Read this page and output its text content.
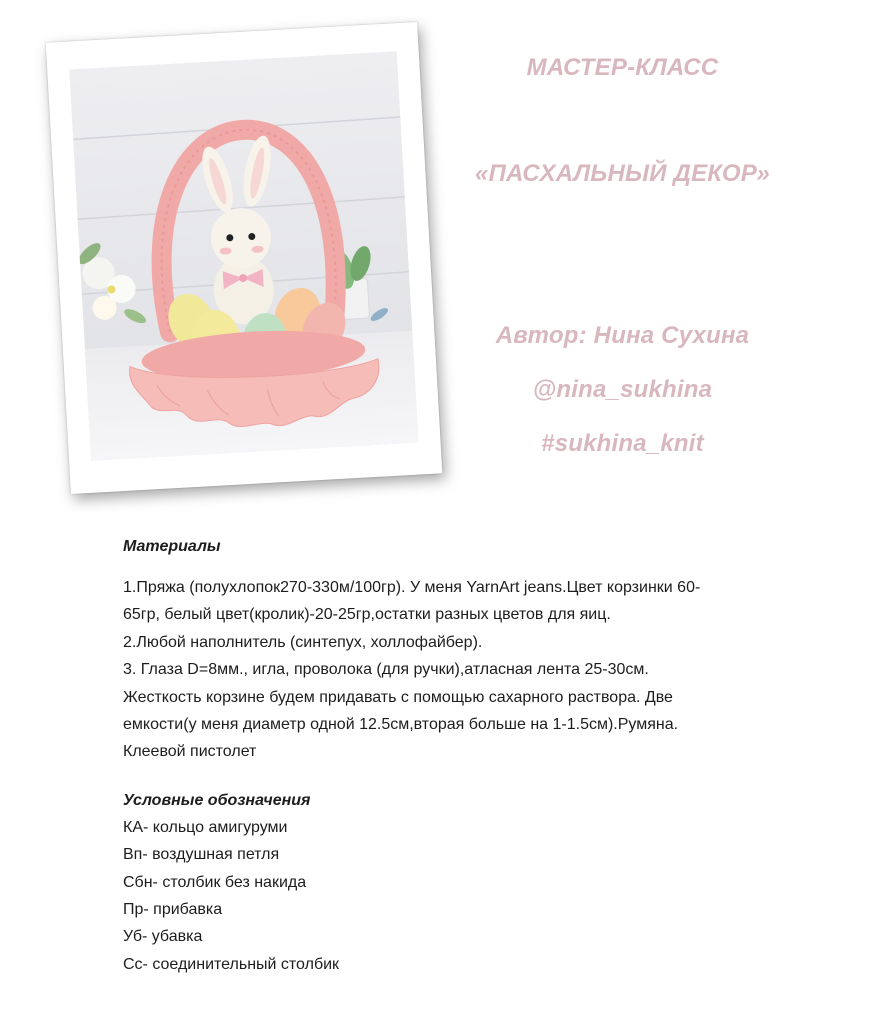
МАСТЕР-КЛАСС
«ПАСХАЛЬНЫЙ ДЕКОР»
Автор: Нина Сухина
@nina_sukhina
#sukhina_knit

Материалы

1.Пряжа (полухлопок270-330м/100гр). У меня YarnArt jeans.Цвет корзинки 60-

65гр, белый цвет(кролик)-20-25гр,остатки разных цветов для яиц.

2.Любой наполнитель (синтепух, холлофайбер).

3. Глаза D=8мм., игла, проволока (для ручки),атласная лента 25-30см.

Жесткость корзине будем придавать с помощью сахарного раствора. Две

емкости(у меня диаметр одной 12.5см,вторая больше на 1-1.5см).Румяна.

Клеевой пистолет

Условные обозначения

КА- кольцо амигуруми

Вп- воздушная петля

Сбн- столбик без накида

Пр- прибавка

Уб- убавка

Сс- соединительный столбик
